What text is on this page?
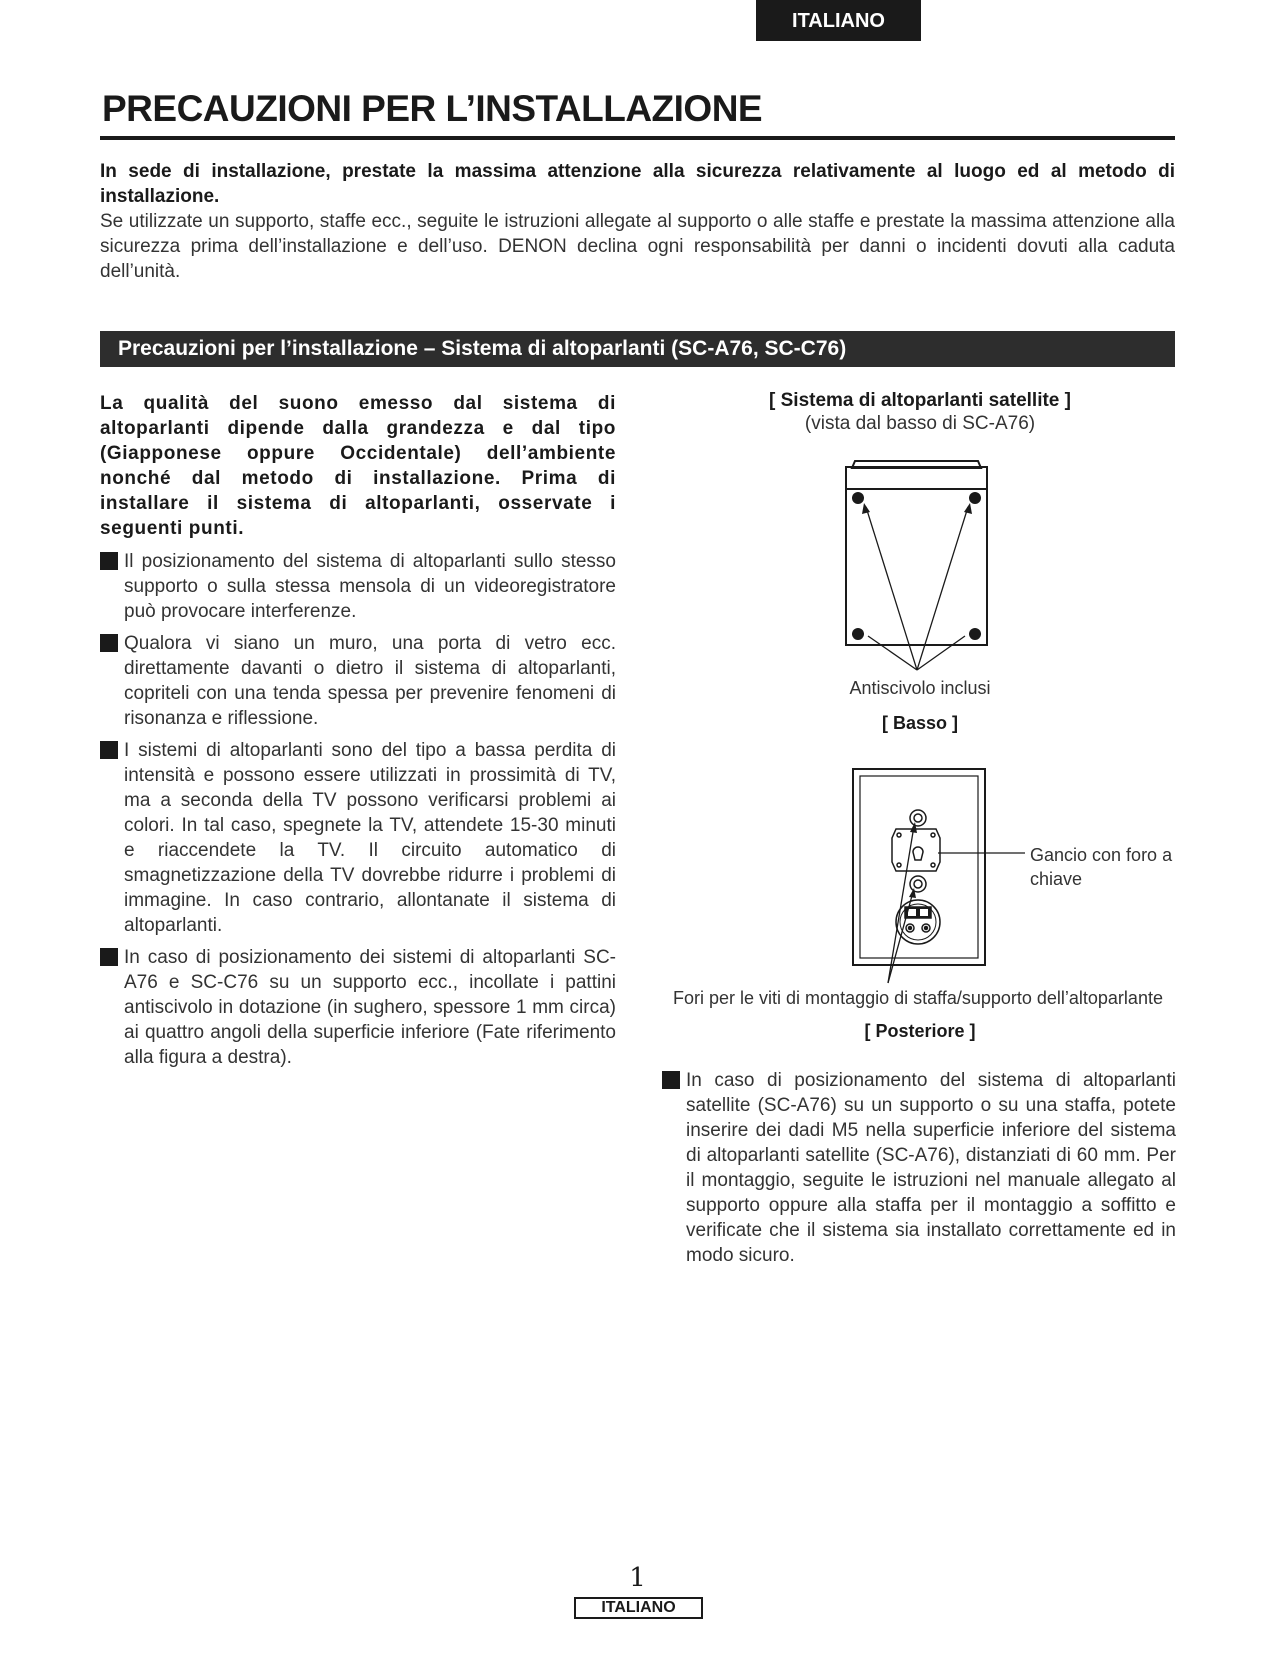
ITALIANO
PRECAUZIONI PER L’INSTALLAZIONE
In sede di installazione, prestate la massima attenzione alla sicurezza relativamente al luogo ed al metodo di installazione.
Se utilizzate un supporto, staffe ecc., seguite le istruzioni allegate al supporto o alle staffe e prestate la massima attenzione alla sicurezza prima dell’installazione e dell’uso. DENON declina ogni responsabilità per danni o incidenti dovuti alla caduta dell’unità.
Precauzioni per l’installazione – Sistema di altoparlanti (SC-A76, SC-C76)

La qualità del suono emesso dal sistema di altoparlanti dipende dalla grandezza e dal tipo (Giapponese oppure Occidentale) dell’ambiente nonché dal metodo di installazione. Prima di installare il sistema di altoparlanti, osservate i seguenti punti.

Il posizionamento del sistema di altoparlanti sullo stesso supporto o sulla stessa mensola di un videoregistratore può provocare interferenze.
Qualora vi siano un muro, una porta di vetro ecc. direttamente davanti o dietro il sistema di altoparlanti, copriteli con una tenda spessa per prevenire fenomeni di risonanza e riflessione.
I sistemi di altoparlanti sono del tipo a bassa perdita di intensità e possono essere utilizzati in prossimità di TV, ma a seconda della TV possono verificarsi problemi ai colori. In tal caso, spegnete la TV, attendete 15-30 minuti e riaccendete la TV. Il circuito automatico di smagnetizzazione della TV dovrebbe ridurre i problemi di immagine. In caso contrario, allontanate il sistema di altoparlanti.
In caso di posizionamento dei sistemi di altoparlanti SC-A76 e SC-C76 su un supporto ecc., incollate i pattini antiscivolo in dotazione (in sughero, spessore 1 mm circa) ai quattro angoli della superficie inferiore (Fate riferimento alla figura a destra).
[ Sistema di altoparlanti satellite ]
(vista dal basso di SC-A76)
Antiscivolo inclusi
[ Basso ]
Gancio con foro a chiave
Fori per le viti di montaggio di staffa/supporto dell’altoparlante
[ Posteriore ]
In caso di posizionamento del sistema di altoparlanti satellite (SC-A76) su un supporto o su una staffa, potete inserire dei dadi M5 nella superficie inferiore del sistema di altoparlanti satellite (SC-A76), distanziati di 60 mm. Per il montaggio, seguite le istruzioni nel manuale allegato al supporto oppure alla staffa per il montaggio a soffitto e verificate che il sistema sia installato correttamente ed in modo sicuro.
1
ITALIANO
